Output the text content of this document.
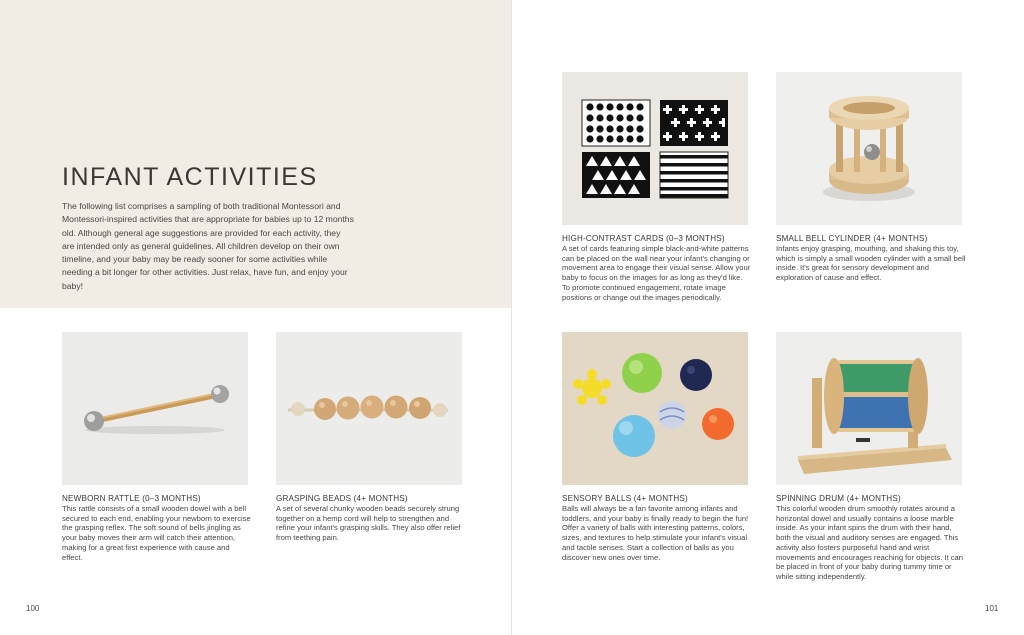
INFANT ACTIVITIES

The following list comprises a sampling of both traditional Montessori and Montessori-inspired activities that are appropriate for babies up to 12 months old. Although general age suggestions are provided for each activity, they are intended only as general guidelines. All children develop on their own timeline, and your baby may be ready sooner for some activities while needing a bit longer for other activities. Just relax, have fun, and enjoy your baby!

HIGH-CONTRAST CARDS (0–3 MONTHS)

A set of cards featuring simple black-and-white patterns can be placed on the wall near your infant's changing or movement area to engage their visual sense. Allow your baby to focus on the images for as long as they'd like. To promote continued engagement, rotate image positions or change out the images periodically.

SMALL BELL CYLINDER (4+ MONTHS)

Infants enjoy grasping, mouthing, and shaking this toy, which is simply a small wooden cylinder with a small bell inside. It's great for sensory development and exploration of cause and effect.

NEWBORN RATTLE (0–3 MONTHS)

This rattle consists of a small wooden dowel with a bell secured to each end, enabling your newborn to exercise the grasping reflex. The soft sound of bells jingling as your baby moves their arm will catch their attention, making for a great first experience with cause and effect.

GRASPING BEADS (4+ MONTHS)

A set of several chunky wooden beads securely strung together on a hemp cord will help to strengthen and refine your infant's grasping skills. They also offer relief from teething pain.

SENSORY BALLS (4+ MONTHS)

Balls will always be a fan favorite among infants and toddlers, and your baby is finally ready to begin the fun! Offer a variety of balls with interesting patterns, colors, sizes, and textures to help stimulate your infant's visual and tactile senses. Start a collection of balls as you discover new ones over time.

SPINNING DRUM (4+ MONTHS)

This colorful wooden drum smoothly rotates around a horizontal dowel and usually contains a loose marble inside. As your infant spins the drum with their hand, both the visual and auditory senses are engaged. This activity also fosters purposeful hand and wrist movements and encourages reaching for objects. It can be placed in front of your baby during tummy time or while sitting independently.

100	101
